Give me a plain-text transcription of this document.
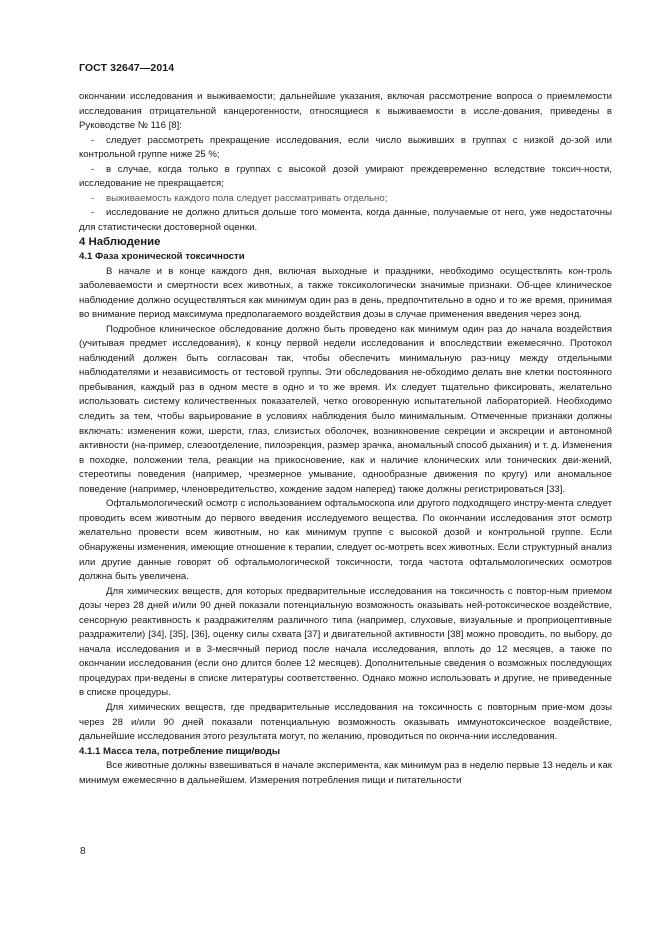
ГОСТ 32647—2014

окончании исследования и выживаемости; дальнейшие указания, включая рассмотрение вопроса о приемлемости исследования отрицательной канцерогенности, относящиеся к выживаемости в иссле-дования, приведены в Руководстве № 116 [8]:

- следует рассмотреть прекращение исследования, если число выживших в группах с низкой до-зой или контрольной группе ниже 25 %;

- в случае, когда только в группах с высокой дозой умирают преждевременно вследствие токсич-ности, исследование не прекращается;

- выживаемость каждого пола следует рассматривать отдельно;

- исследование не должно длиться дольше того момента, когда данные, получаемые от него, уже недостаточны для статистически достоверной оценки.

4 Наблюдение

4.1 Фаза хронической токсичности

В начале и в конце каждого дня, включая выходные и праздники, необходимо осуществлять кон-троль заболеваемости и смертности всех животных, а также токсикологически значимые признаки. Об-щее клиническое наблюдение должно осуществляться как минимум один раз в день, предпочтительно в одно и то же время, принимая во внимание период максимума предполагаемого воздействия дозы в случае применения введения через зонд.

Подробное клиническое обследование должно быть проведено как минимум один раз до начала воздействия (учитывая предмет исследования), к концу первой недели исследования и впоследствии ежемесячно. Протокол наблюдений должен быть согласован так, чтобы обеспечить минимальную раз-ницу между отдельными наблюдателями и независимость от тестовой группы. Эти обследования не-обходимо делать вне клетки постоянного пребывания, каждый раз в одном месте в одно и то же время. Их следует тщательно фиксировать, желательно использовать систему количественных показателей, четко оговоренную испытательной лабораторией. Необходимо следить за тем, чтобы варьирование в условиях наблюдения было минимальным. Отмеченные признаки должны включать: изменения кожи, шерсти, глаз, слизистых оболочек, возникновение секреции и экскреции и автономной активности (на-пример, слезоотделение, пилоэрекция, размер зрачка, аномальный способ дыхания) и т. д. Изменения в походке, положении тела, реакции на прикосновение, как и наличие клонических или тонических дви-жений, стереотипы поведения (например, чрезмерное умывание, однообразные движения по кругу) или аномальное поведение (например, членовредительство, хождение задом наперед) также должны регистрироваться [33].

Офтальмологический осмотр с использованием офтальмоскопа или другого подходящего инстру-мента следует проводить всем животным до первого введения исследуемого вещества. По окончании исследования этот осмотр желательно провести всем животным, но как минимум группе с высокой дозой и контрольной группе. Если обнаружены изменения, имеющие отношение к терапии, следует ос-мотреть всех животных. Если структурный анализ или другие данные говорят об офтальмологической токсичности, тогда частота офтальмологических осмотров должна быть увеличена.

Для химических веществ, для которых предварительные исследования на токсичность с повтор-ным приемом дозы через 28 дней и/или 90 дней показали потенциальную возможность оказывать ней-ротоксическое воздействие, сенсорную реактивность к раздражителям различного типа (например, слуховые, визуальные и проприоцептивные раздражители) [34], [35], [36], оценку силы схвата [37] и двигательной активности [38] можно проводить, по выбору, до начала исследования и в 3-месячный период после начала исследования, вплоть до 12 месяцев, а также по окончании исследования (если оно длится более 12 месяцев). Дополнительные сведения о возможных последующих процедурах при-ведены в списке литературы соответственно. Однако можно использовать и другие, не приведенные в списке процедуры.

Для химических веществ, где предварительные исследования на токсичность с повторным прие-мом дозы через 28 и/или 90 дней показали потенциальную возможность оказывать иммунотоксическое воздействие, дальнейшие исследования этого результата могут, по желанию, проводиться по оконча-нии исследования.

4.1.1 Масса тела, потребление пищи/воды

Все животные должны взвешиваться в начале эксперимента, как минимум раз в неделю первые 13 недель и как минимум ежемесячно в дальнейшем. Измерения потребления пищи и питательности

8
